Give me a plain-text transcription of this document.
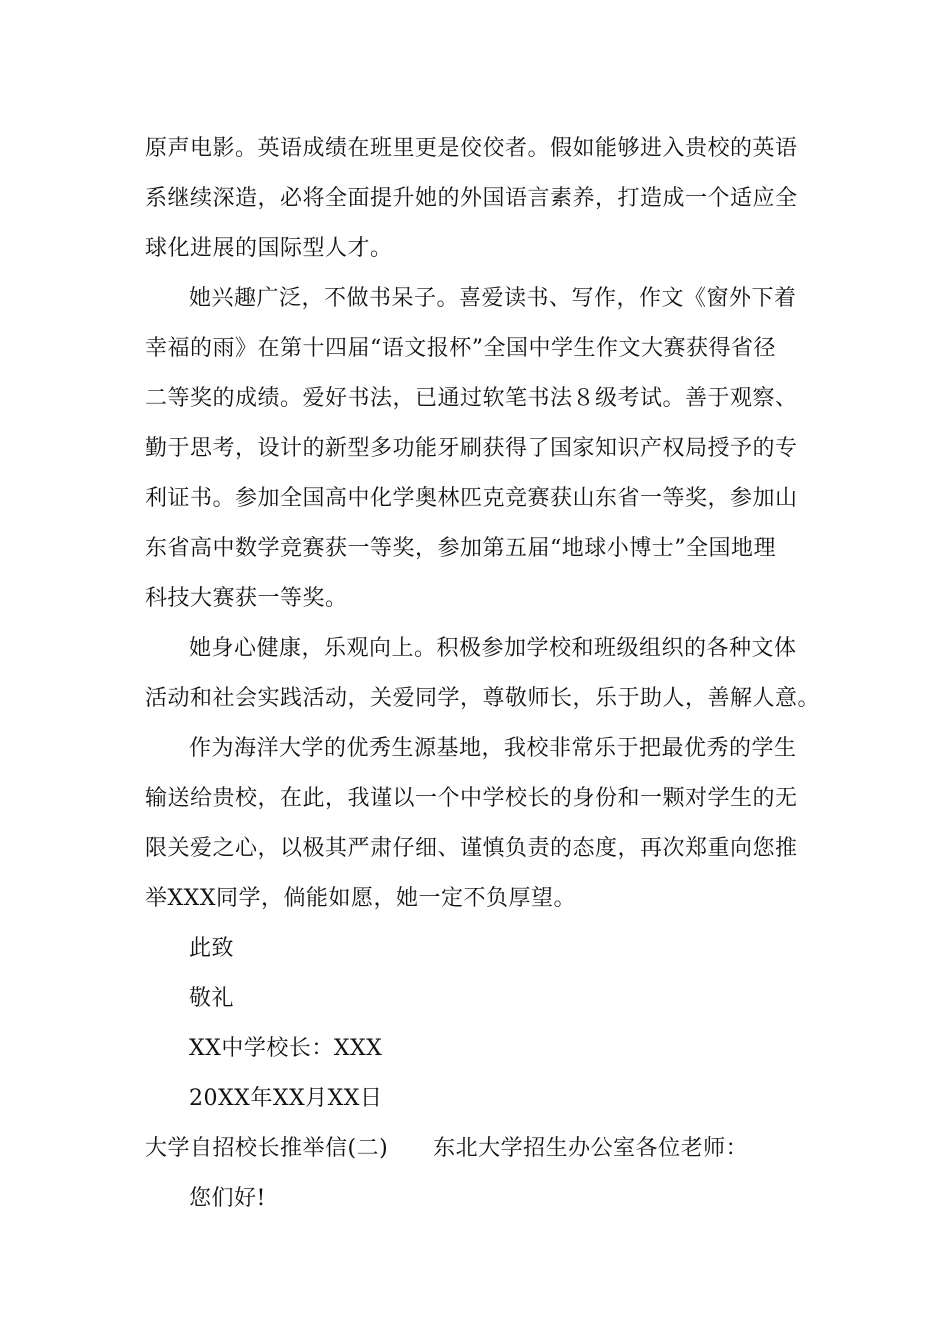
原声电影。英语成绩在班里更是佼佼者。假如能够进入贵校的英语
系继续深造，必将全面提升她的外国语言素养，打造成一个适应全
球化进展的国际型人才。
她兴趣广泛，不做书呆子。喜爱读书、写作，作文《窗外下着
幸福的雨》在第十四届“语文报杯”全国中学生作文大赛获得省径
二等奖的成绩。爱好书法，已通过软笔书法８级考试。善于观察、
勤于思考，设计的新型多功能牙刷获得了国家知识产权局授予的专
利证书。参加全国高中化学奥林匹克竞赛获山东省一等奖，参加山
东省高中数学竞赛获一等奖，参加第五届“地球小博士”全国地理
科技大赛获一等奖。
她身心健康，乐观向上。积极参加学校和班级组织的各种文体
活动和社会实践活动，关爱同学，尊敬师长，乐于助人，善解人意。
作为海洋大学的优秀生源基地，我校非常乐于把最优秀的学生
输送给贵校，在此，我谨以一个中学校长的身份和一颗对学生的无
限关爱之心，以极其严肃仔细、谨慎负责的态度，再次郑重向您推
举XXX同学，倘能如愿，她一定不负厚望。
此致
敬礼
XX中学校长：XXX
20XX年XX月XX日
大学自招校长推举信(二)　　东北大学招生办公室各位老师：
您们好!
